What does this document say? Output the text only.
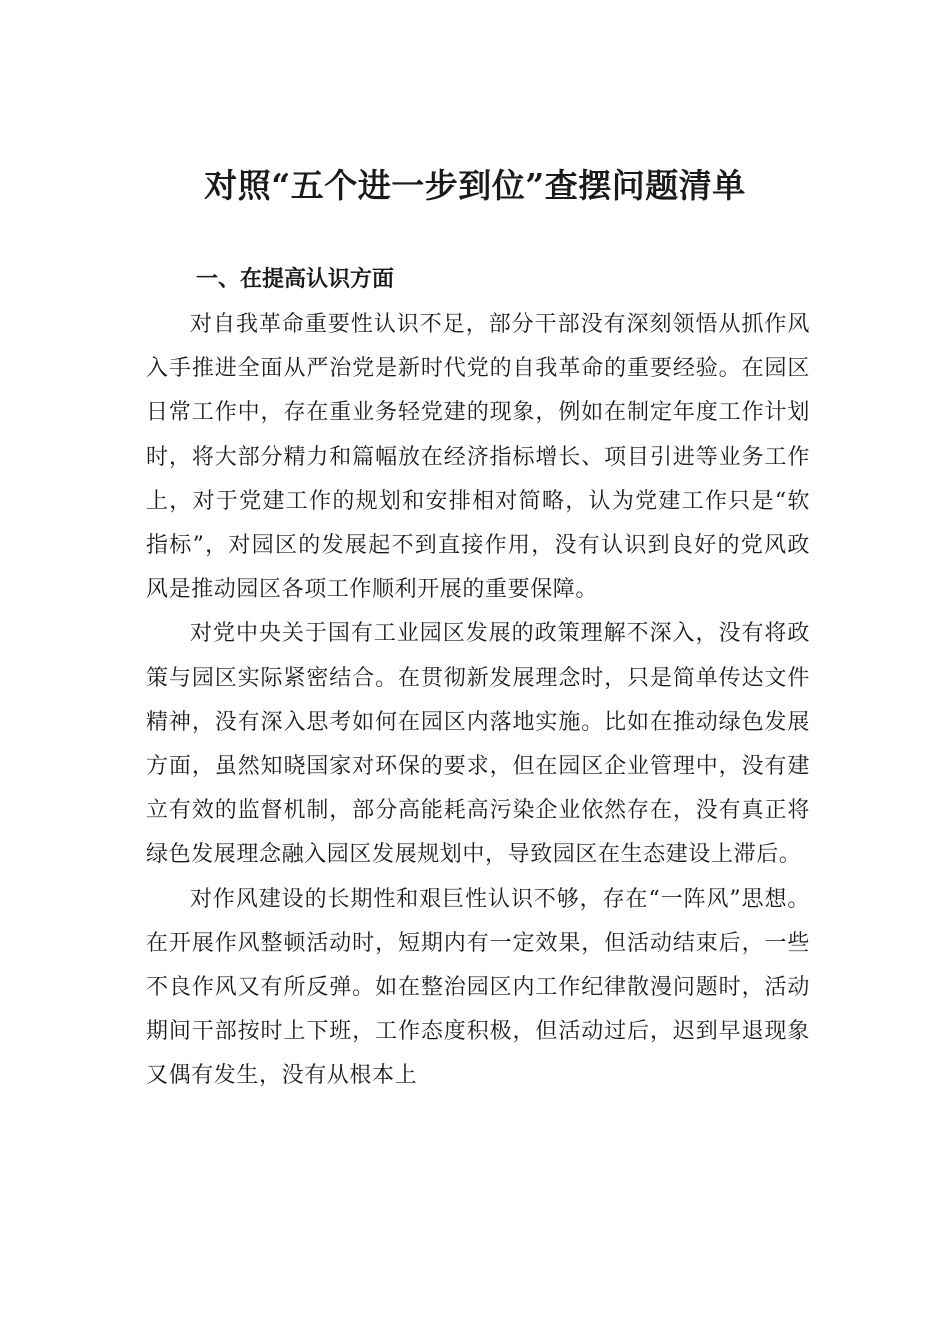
对照“五个进一步到位”查摆问题清单
一、在提高认识方面

对自我革命重要性认识不足，部分干部没有深刻领悟从抓作风入手推进全面从严治党是新时代党的自我革命的重要经验。在园区日常工作中，存在重业务轻党建的现象，例如在制定年度工作计划时，将大部分精力和篇幅放在经济指标增长、项目引进等业务工作上，对于党建工作的规划和安排相对简略，认为党建工作只是“软指标”，对园区的发展起不到直接作用，没有认识到良好的党风政风是推动园区各项工作顺利开展的重要保障。

对党中央关于国有工业园区发展的政策理解不深入，没有将政策与园区实际紧密结合。在贯彻新发展理念时，只是简单传达文件精神，没有深入思考如何在园区内落地实施。比如在推动绿色发展方面，虽然知晓国家对环保的要求，但在园区企业管理中，没有建立有效的监督机制，部分高能耗高污染企业依然存在，没有真正将绿色发展理念融入园区发展规划中，导致园区在生态建设上滞后。

对作风建设的长期性和艰巨性认识不够，存在“一阵风”思想。在开展作风整顿活动时，短期内有一定效果，但活动结束后，一些不良作风又有所反弹。如在整治园区内工作纪律散漫问题时，活动期间干部按时上下班，工作态度积极，但活动过后，迟到早退现象又偶有发生，没有从根本上
